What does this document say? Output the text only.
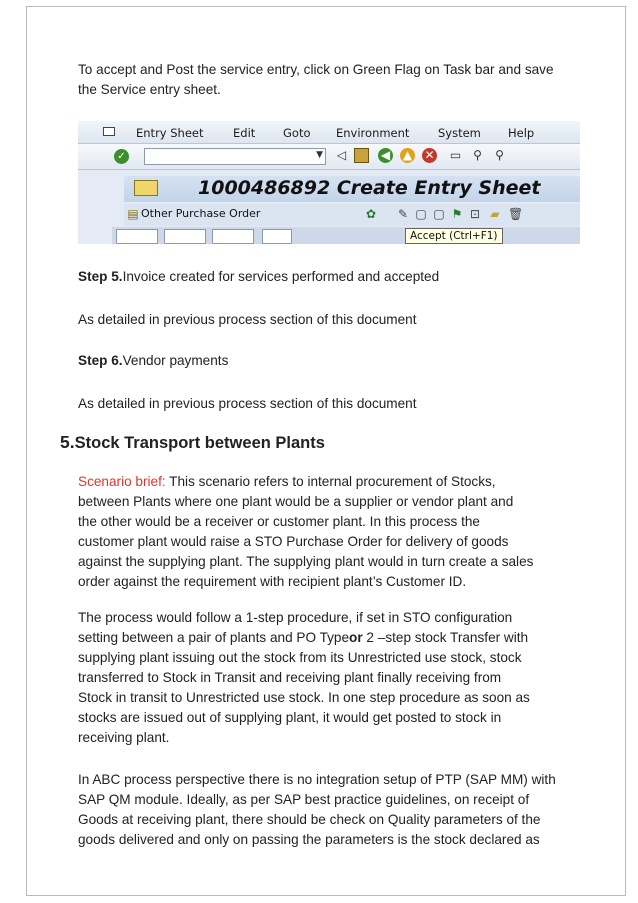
To accept and Post the service entry, click on Green Flag on Task bar and save
the Service entry sheet.

Entry Sheet	Edit Goto Environment System Help
✓	▼ ◁	◀ ▲ ✕ ▭ ⚲ ⚲
1000486892 Create Entry Sheet
▤ Other Purchase Order	✿ ✎ ▢ ▢ ⚑ ⊡ ▰ 🗑
Accept (Ctrl+F1)

Step 5.Invoice created for services performed and accepted

As detailed in previous process section of this document

Step 6.Vendor payments

As detailed in previous process section of this document

5.Stock Transport between Plants

Scenario brief: This scenario refers to internal procurement of Stocks,
between Plants where one plant would be a supplier or vendor plant and
the other would be a receiver or customer plant. In this process the
customer plant would raise a STO Purchase Order for delivery of goods
against the supplying plant. The supplying plant would in turn create a sales
order against the requirement with recipient plant’s Customer ID.

The process would follow a 1-step procedure, if set in STO configuration
setting between a pair of plants and PO Typeor 2 –step stock Transfer with
supplying plant issuing out the stock from its Unrestricted use stock, stock
transferred to Stock in Transit and receiving plant finally receiving from
Stock in transit to Unrestricted use stock. In one step procedure as soon as
stocks are issued out of supplying plant, it would get posted to stock in
receiving plant.

In ABC process perspective there is no integration setup of PTP (SAP MM) with
SAP QM module. Ideally, as per SAP best practice guidelines, on receipt of
Goods at receiving plant, there should be check on Quality parameters of the
goods delivered and only on passing the parameters is the stock declared as
